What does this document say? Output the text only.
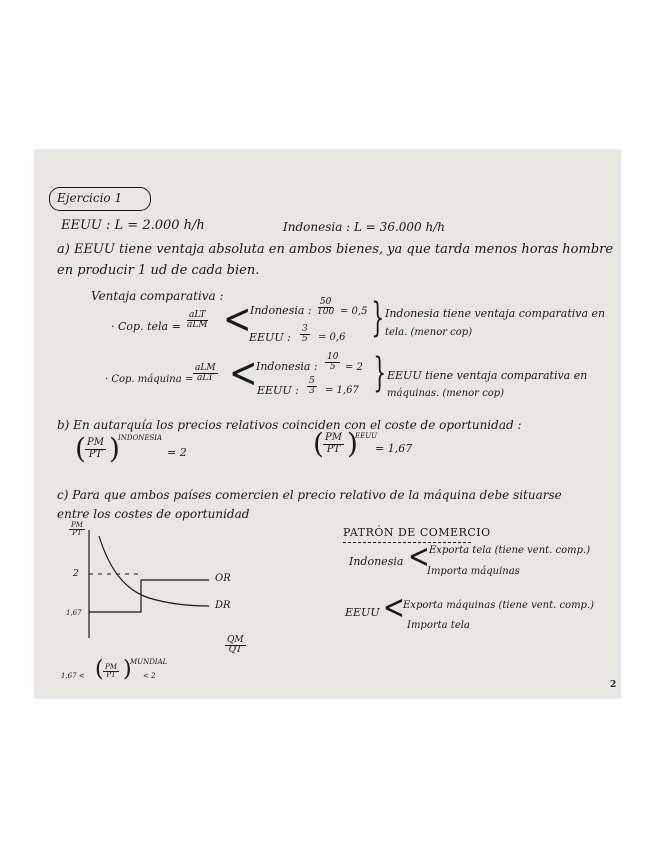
Ejercicio 1
EEUU : L = 2.000 h/h	Indonesia : L = 36.000 h/h
a) EEUU tiene ventaja absoluta en ambos bienes, ya que tarda menos horas hombre
en producir 1 ud de cada bien.
Ventaja comparativa :
· Cop. tela =
aLT
aLM <
Indonesia : $\frac{50}{100} = 0,5$
EEUU : $\frac{3}{5} = 0,6$ } Indonesia tiene ventaja comparativa en
tela. (menor cop)
· Cop. máquina =
aLM
aLT <
Indonesia : $\frac{10}{5} = 2$
EEUU : $\frac{5}{3} = 1,67$ } EEUU tiene ventaja comparativa en
máquinas. (menor cop)
b) En autarquía los precios relativos coinciden con el coste de oportunidad :
( $\frac{PM}{PT}$ )
INDONESIA
= 2	( $\frac{PM}{PT}$ )
EEUU
= 1,67
c) Para que ambos países comercien el precio relativo de la máquina debe situarse
entre los costes de oportunidad
$\frac{PM}{PT}$
2
1,67
OR
DR
$\frac{QM}{QT}$
1,67 < ( $\frac{PM}{PT}$ )
MUNDIAL
< 2
PATRÓN DE COMERCIO
Indonesia < Exporta tela (tiene vent. comp.)
Importa máquinas
EEUU <
Exporta máquinas (tiene vent. comp.)
Importa tela
2
